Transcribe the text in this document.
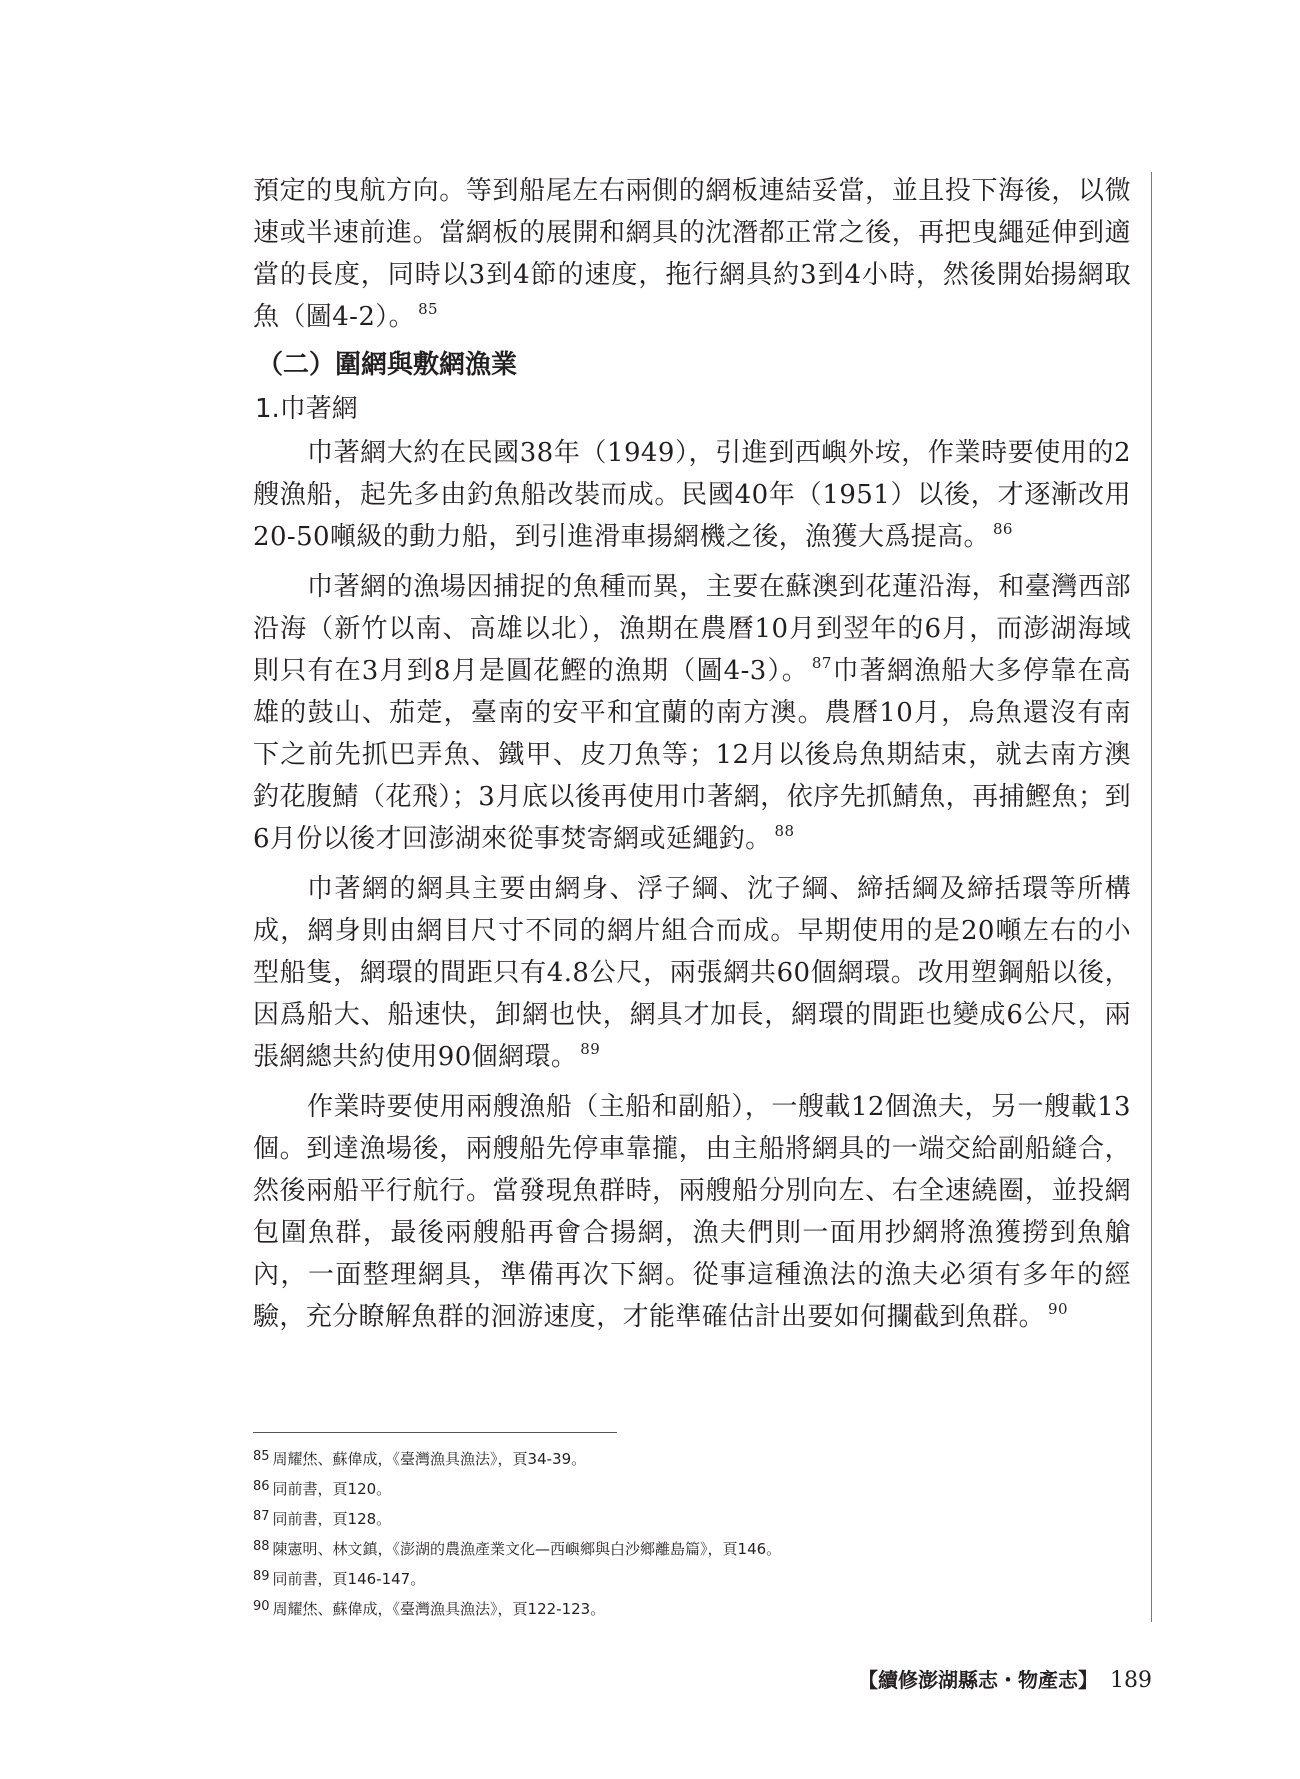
預定的曳航方向。等到船尾左右兩側的網板連結妥當，並且投下海後，以微速或半速前進。當網板的展開和網具的沈潛都正常之後，再把曳繩延伸到適當的長度，同時以3到4節的速度，拖行網具約3到4小時，然後開始揚網取魚（圖4-2）。 $^{85}$

（二）圍網與敷網漁業
1.巾著網

巾著網大約在民國38年（1949），引進到西嶼外垵，作業時要使用的2艘漁船，起先多由釣魚船改裝而成。民國40年（1951）以後，才逐漸改用20-50噸級的動力船，到引進滑車揚網機之後，漁獲大爲提高。 $^{86}$

巾著網的漁場因捕捉的魚種而異，主要在蘇澳到花蓮沿海，和臺灣西部沿海（新竹以南、高雄以北），漁期在農曆10月到翌年的6月，而澎湖海域則只有在3月到8月是圓花鰹的漁期（圖4-3）。 $^{87}$巾著網漁船大多停靠在高雄的鼓山、茄萣，臺南的安平和宜蘭的南方澳。農曆10月，烏魚還沒有南下之前先抓巴弄魚、鐵甲、皮刀魚等；12月以後烏魚期結束，就去南方澳釣花腹鯖（花飛）；3月底以後再使用巾著網，依序先抓鯖魚，再捕鰹魚；到6月份以後才回澎湖來從事焚寄網或延繩釣。 $^{88}$

巾著網的網具主要由網身、浮子綱、沈子綱、締括綱及締括環等所構成，網身則由網目尺寸不同的網片組合而成。早期使用的是20噸左右的小型船隻，網環的間距只有4.8公尺，兩張網共60個網環。改用塑鋼船以後，因爲船大、船速快，卸網也快，網具才加長，網環的間距也變成6公尺，兩張網總共約使用90個網環。 $^{89}$

作業時要使用兩艘漁船（主船和副船），一艘載12個漁夫，另一艘載13個。到達漁場後，兩艘船先停車靠攏，由主船將網具的一端交給副船縫合，然後兩船平行航行。當發現魚群時，兩艘船分別向左、右全速繞圈，並投網包圍魚群，最後兩艘船再會合揚網，漁夫們則一面用抄網將漁獲撈到魚艙內，一面整理網具，準備再次下網。從事這種漁法的漁夫必須有多年的經驗，充分瞭解魚群的洄游速度，才能準確估計出要如何攔截到魚群。 $^{90}$

85 周耀烋、蘇偉成，《臺灣漁具漁法》，頁34-39。
86 同前書，頁120。
87 同前書，頁128。
88 陳憲明、林文鎮，《澎湖的農漁產業文化—西嶼鄉與白沙鄉離島篇》，頁146。
89 同前書，頁146-147。
90 周耀烋、蘇偉成，《臺灣漁具漁法》，頁122-123。
【續修澎湖縣志・物產志】 189
